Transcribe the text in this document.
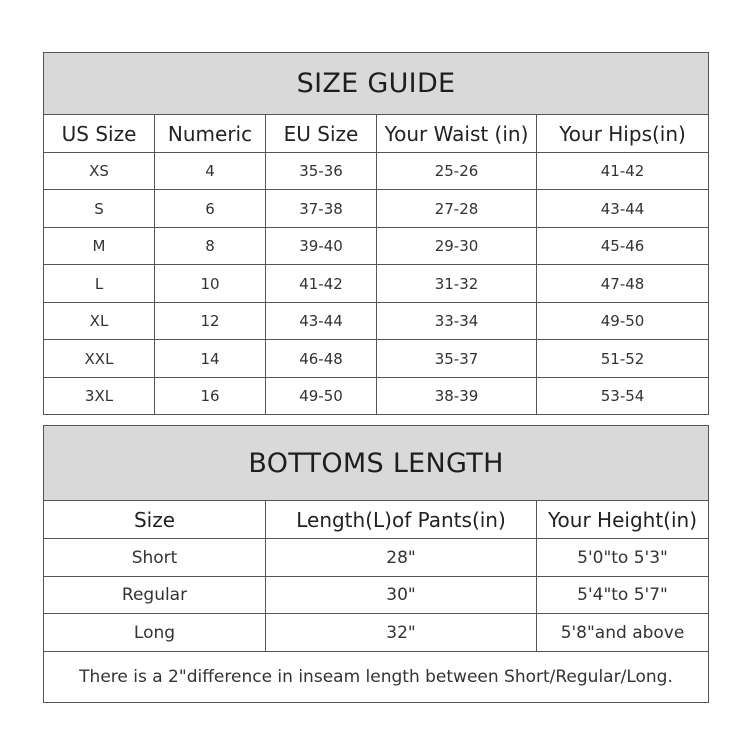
SIZE GUIDE				
US Size	Numeric	EU Size	Your Waist (in)	Your Hips(in)
XS	4	35-36	25-26	41-42
S	6	37-38	27-28	43-44
M	8	39-40	29-30	45-46
L	10	41-42	31-32	47-48
XL	12	43-44	33-34	49-50
XXL	14	46-48	35-37	51-52
3XL	16	49-50	38-39	53-54
BOTTOMS LENGTH		
Size	Length(L)of Pants(in)	Your Height(in)
Short	28"	5'0"to 5'3"
Regular	30"	5'4"to 5'7"
Long	32"	5'8"and above
There is a 2"difference in inseam length between Short/Regular/Long.		
